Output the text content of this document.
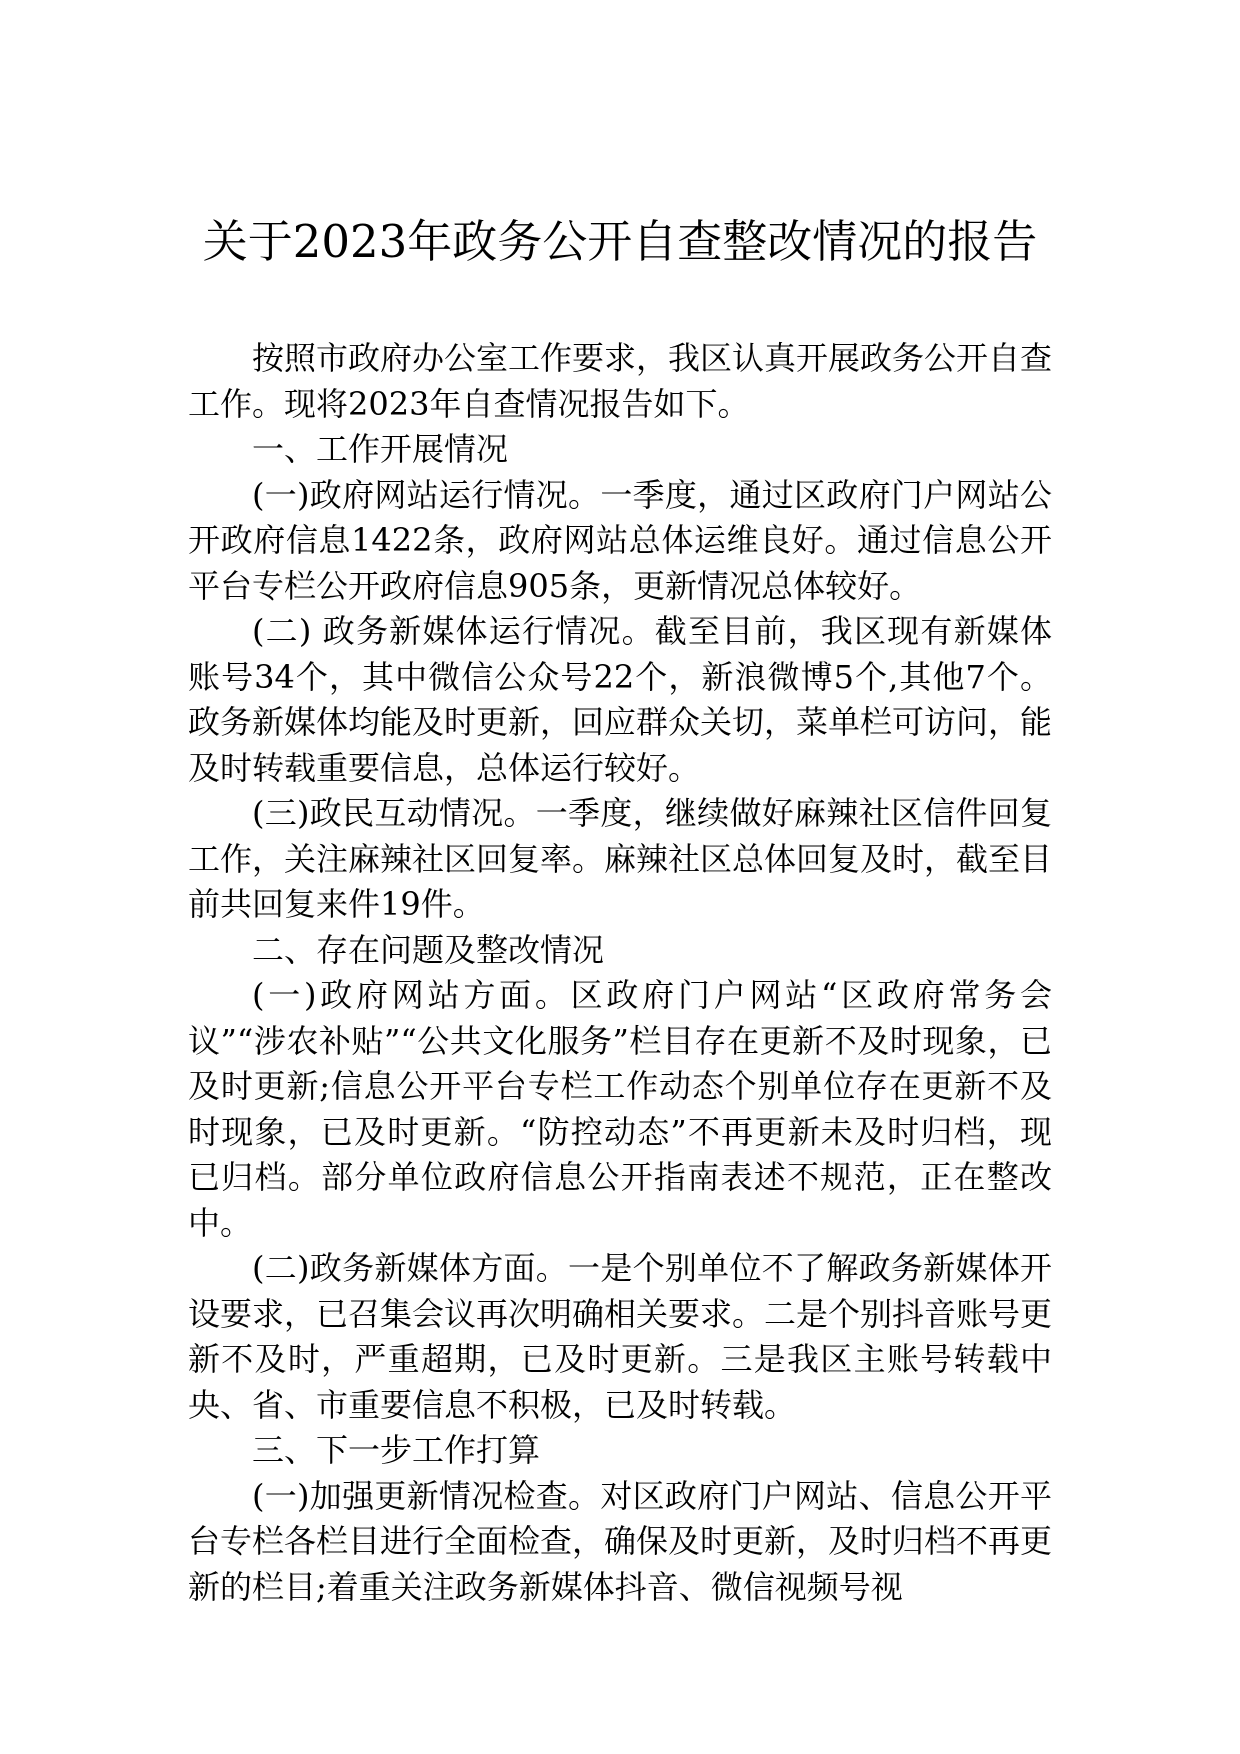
关于2023年政务公开自查整改情况的报告

按照市政府办公室工作要求，我区认真开展政务公开自查工作。现将2023年自查情况报告如下。

一、工作开展情况

(一)政府网站运行情况。一季度，通过区政府门户网站公开政府信息1422条，政府网站总体运维良好。通过信息公开平台专栏公开政府信息905条，更新情况总体较好。

(二) 政务新媒体运行情况。截至目前，我区现有新媒体账号34个，其中微信公众号22个，新浪微博5个,其他7个。政务新媒体均能及时更新，回应群众关切，菜单栏可访问，能及时转载重要信息，总体运行较好。

(三)政民互动情况。一季度，继续做好麻辣社区信件回复工作，关注麻辣社区回复率。麻辣社区总体回复及时，截至目前共回复来件19件。

二、存在问题及整改情况

(一)政府网站方面。区政府门户网站“区政府常务会议”“涉农补贴”“公共文化服务”栏目存在更新不及时现象，已及时更新;信息公开平台专栏工作动态个别单位存在更新不及时现象，已及时更新。“防控动态”不再更新未及时归档，现已归档。部分单位政府信息公开指南表述不规范，正在整改中。

(二)政务新媒体方面。一是个别单位不了解政务新媒体开设要求，已召集会议再次明确相关要求。二是个别抖音账号更新不及时，严重超期，已及时更新。三是我区主账号转载中央、省、市重要信息不积极，已及时转载。

三、下一步工作打算

(一)加强更新情况检查。对区政府门户网站、信息公开平台专栏各栏目进行全面检查，确保及时更新，及时归档不再更新的栏目;着重关注政务新媒体抖音、微信视频号视
